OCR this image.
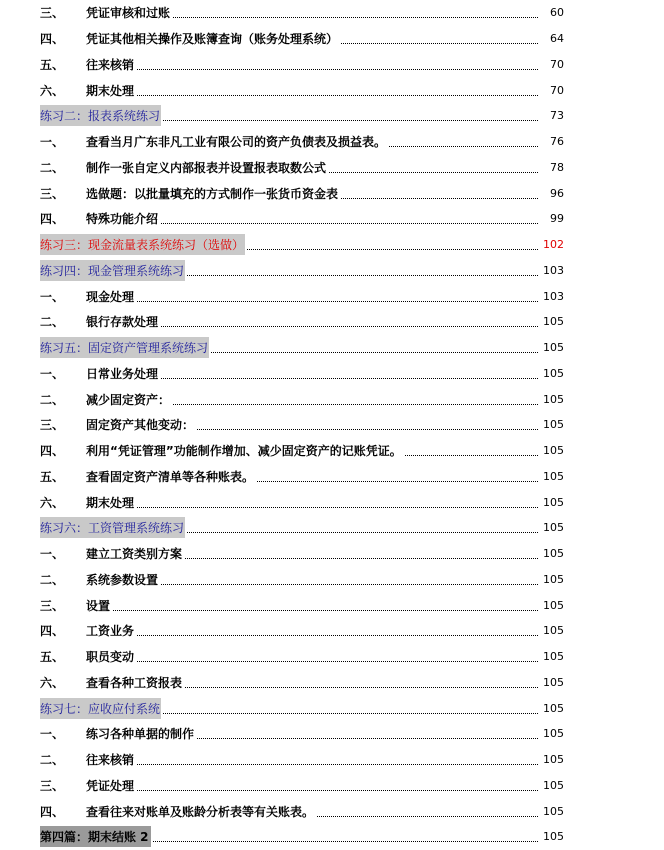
三、	凭证审核和过账	60
四、	凭证其他相关操作及账簿查询（账务处理系统）	64
五、	往来核销	70
六、	期末处理	70
练习二：报表系统练习	73
一、	查看当月广东非凡工业有限公司的资产负债表及损益表。	76
二、	制作一张自定义内部报表并设置报表取数公式	78
三、	选做题：以批量填充的方式制作一张货币资金表	96
四、	特殊功能介绍	99
练习三：现金流量表系统练习（选做）	102
练习四：现金管理系统练习	103
一、	现金处理	103
二、	银行存款处理	105
练习五：固定资产管理系统练习	105
一、	日常业务处理	105
二、	减少固定资产：	105
三、	固定资产其他变动：	105
四、	利用“凭证管理”功能制作增加、减少固定资产的记账凭证。	105
五、	查看固定资产清单等各种账表。	105
六、	期末处理	105
练习六：工资管理系统练习	105
一、	建立工资类别方案	105
二、	系统参数设置	105
三、	设置	105
四、	工资业务	105
五、	职员变动	105
六、	查看各种工资报表	105
练习七：应收应付系统	105
一、	练习各种单据的制作	105
二、	往来核销	105
三、	凭证处理	105
四、	查看往来对账单及账龄分析表等有关账表。	105
第四篇：期末结账 2	105
